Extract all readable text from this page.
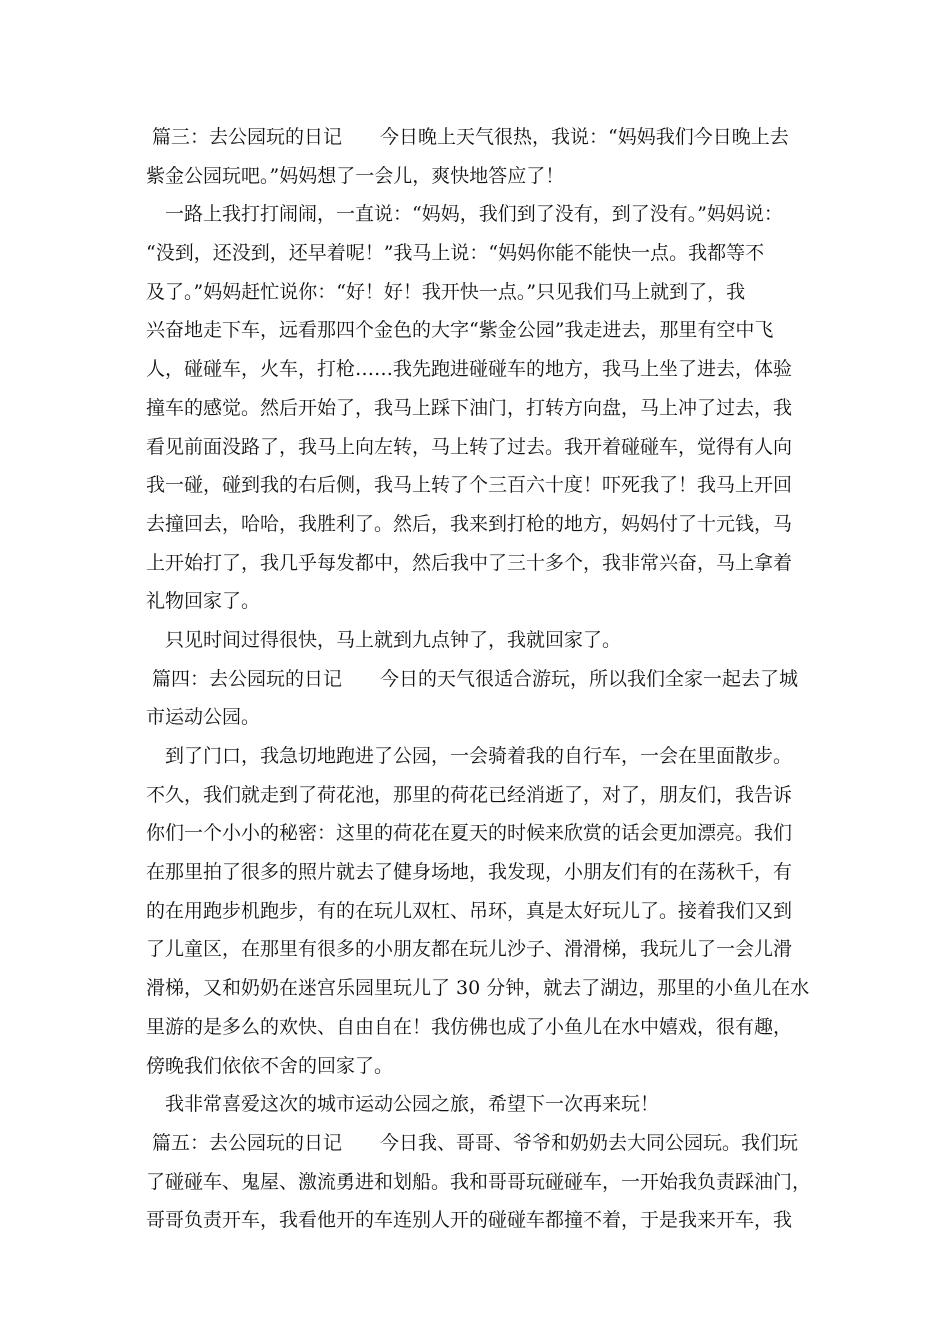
篇三：去公园玩的日记　　今日晚上天气很热，我说：“妈妈我们今日晚上去
紫金公园玩吧。”妈妈想了一会儿，爽快地答应了！
　一路上我打打闹闹，一直说：“妈妈，我们到了没有，到了没有。”妈妈说：
“没到，还没到，还早着呢！”我马上说：“妈妈你能不能快一点。我都等不
及了。”妈妈赶忙说你：“好！好！我开快一点。”只见我们马上就到了，我
兴奋地走下车，远看那四个金色的大字“紫金公园”我走进去，那里有空中飞
人，碰碰车，火车，打枪……我先跑进碰碰车的地方，我马上坐了进去，体验
撞车的感觉。然后开始了，我马上踩下油门，打转方向盘，马上冲了过去，我
看见前面没路了，我马上向左转，马上转了过去。我开着碰碰车，觉得有人向
我一碰，碰到我的右后侧，我马上转了个三百六十度！吓死我了！我马上开回
去撞回去，哈哈，我胜利了。然后，我来到打枪的地方，妈妈付了十元钱，马
上开始打了，我几乎每发都中，然后我中了三十多个，我非常兴奋，马上拿着
礼物回家了。
　只见时间过得很快，马上就到九点钟了，我就回家了。
篇四：去公园玩的日记　　今日的天气很适合游玩，所以我们全家一起去了城
市运动公园。
　到了门口，我急切地跑进了公园，一会骑着我的自行车，一会在里面散步。
不久，我们就走到了荷花池，那里的荷花已经消逝了，对了，朋友们，我告诉
你们一个小小的秘密：这里的荷花在夏天的时候来欣赏的话会更加漂亮。我们
在那里拍了很多的照片就去了健身场地，我发现，小朋友们有的在荡秋千，有
的在用跑步机跑步，有的在玩儿双杠、吊环，真是太好玩儿了。接着我们又到
了儿童区，在那里有很多的小朋友都在玩儿沙子、滑滑梯，我玩儿了一会儿滑
滑梯，又和奶奶在迷宫乐园里玩儿了 30 分钟，就去了湖边，那里的小鱼儿在水
里游的是多么的欢快、自由自在！我仿佛也成了小鱼儿在水中嬉戏，很有趣，
傍晚我们依依不舍的回家了。
　我非常喜爱这次的城市运动公园之旅，希望下一次再来玩！
篇五：去公园玩的日记　　今日我、哥哥、爷爷和奶奶去大同公园玩。我们玩
了碰碰车、鬼屋、激流勇进和划船。我和哥哥玩碰碰车，一开始我负责踩油门，
哥哥负责开车，我看他开的车连别人开的碰碰车都撞不着，于是我来开车，我
